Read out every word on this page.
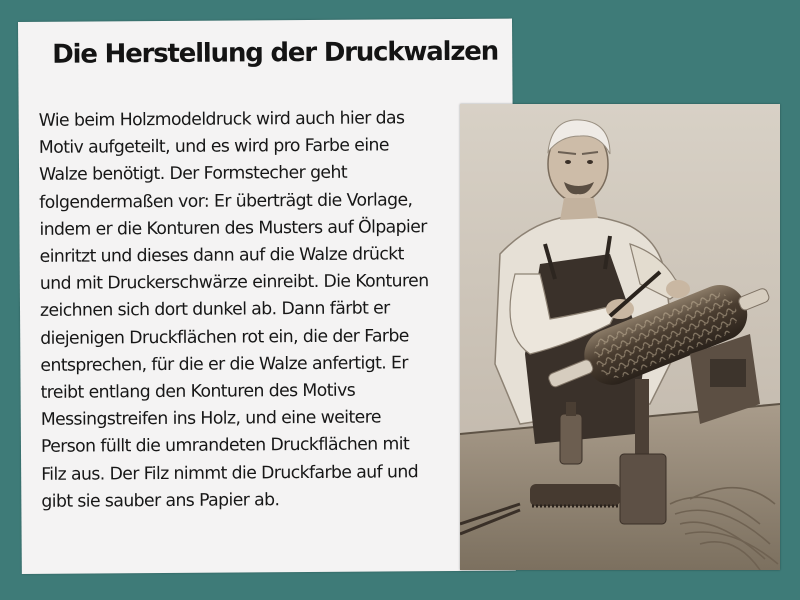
Die Herstellung der Druckwalzen

Wie beim Holzmodeldruck wird auch hier das
Motiv aufgeteilt, und es wird pro Farbe eine
Walze benötigt. Der Formstecher geht
folgendermaßen vor: Er überträgt die Vorlage,
indem er die Konturen des Musters auf Ölpapier
einritzt und dieses dann auf die Walze drückt
und mit Druckerschwärze einreibt. Die Konturen
zeichnen sich dort dunkel ab. Dann färbt er
diejenigen Druckflächen rot ein, die der Farbe
entsprechen, für die er die Walze anfertigt. Er
treibt entlang den Konturen des Motivs
Messingstreifen ins Holz, und eine weitere
Person füllt die umrandeten Druckflächen mit
Filz aus. Der Filz nimmt die Druckfarbe auf und
gibt sie sauber ans Papier ab.
